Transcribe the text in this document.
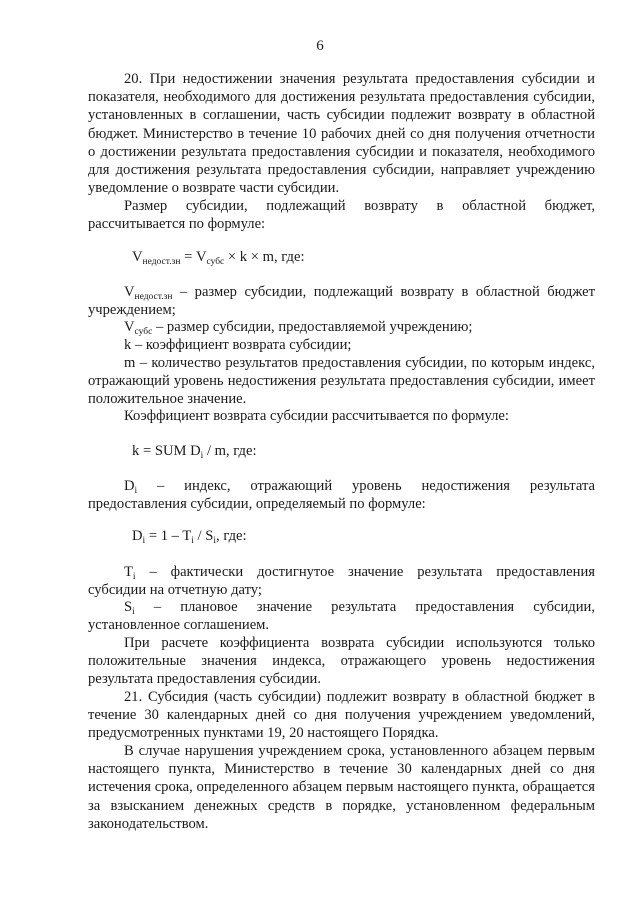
6

20. При недостижении значения результата предоставления субсидии и показателя, необходимого для достижения результата предоставления субсидии, установленных в соглашении, часть субсидии подлежит возврату в областной бюджет. Министерство в течение 10 рабочих дней со дня получения отчетности о достижении результата предоставления субсидии и показателя, необходимого для достижения результата предоставления субсидии, направляет учреждению уведомление о возврате части субсидии.

Размер субсидии, подлежащий возврату в областной бюджет,

рассчитывается по формуле:

$V_{недост.зн} = V_{субс} \times k \times m$, где:

$V_{недост.зн}$ – размер субсидии, подлежащий возврату в областной бюджет

учреждением;

$V_{субс}$ – размер субсидии, предоставляемой учреждению;

k – коэффициент возврата субсидии;

m – количество результатов предоставления субсидии, по которым индекс, отражающий уровень недостижения результата предоставления субсидии, имеет положительное значение.

Коэффициент возврата субсидии рассчитывается по формуле:

k = SUM $D_i$ / m, где:

$D_i$ – индекс, отражающий уровень недостижения результата

предоставления субсидии, определяемый по формуле:

$D_i = 1 - T_i / S_i$, где:

$T_i$ – фактически достигнутое значение результата предоставления

субсидии на отчетную дату;

$S_i$ – плановое значение результата предоставления субсидии,

установленное соглашением.

При расчете коэффициента возврата субсидии используются только положительные значения индекса, отражающего уровень недостижения результата предоставления субсидии.

21. Субсидия (часть субсидии) подлежит возврату в областной бюджет в течение 30 календарных дней со дня получения учреждением уведомлений, предусмотренных пунктами 19, 20 настоящего Порядка.

В случае нарушения учреждением срока, установленного абзацем первым настоящего пункта, Министерство в течение 30 календарных дней со дня истечения срока, определенного абзацем первым настоящего пункта, обращается за взысканием денежных средств в порядке, установленном федеральным законодательством.
